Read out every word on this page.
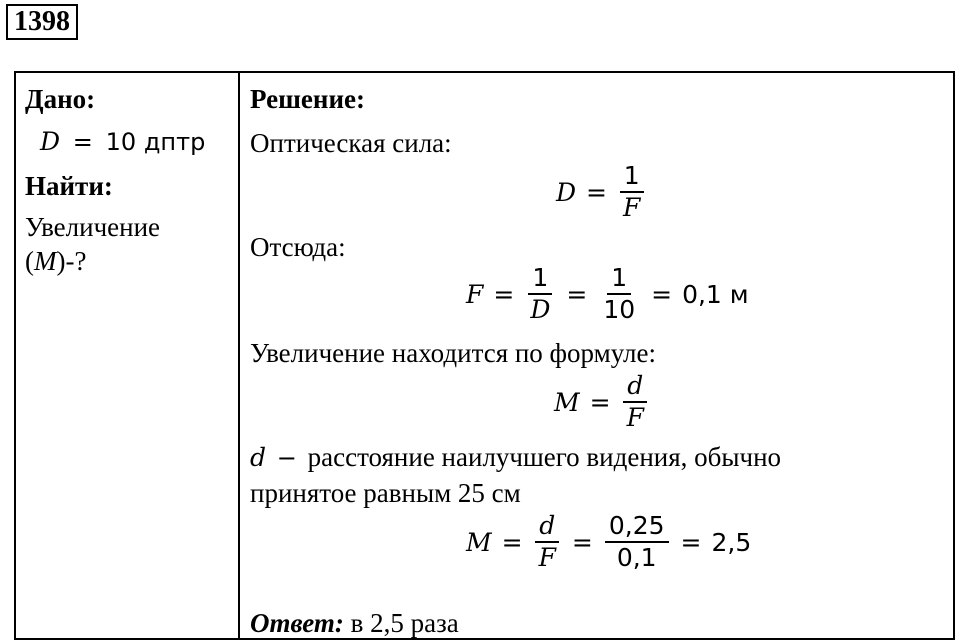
1398
Дано:
D = 10 дптр
Найти:
Увеличение
(M)-?
Решение:
Оптическая сила:
$D = \frac{1}{F}$
Отсюда:
$F = \frac{1}{D} = \frac{1}{10} = 0,1$ м
Увеличение находится по формуле:
$M = \frac{d}{F}$
d − расстояние наилучшего видения, обычно
принятое равным 25 см
$M = \frac{d}{F} = \frac{0,25}{0,1} = 2,5$
Ответ: в 2,5 раза
